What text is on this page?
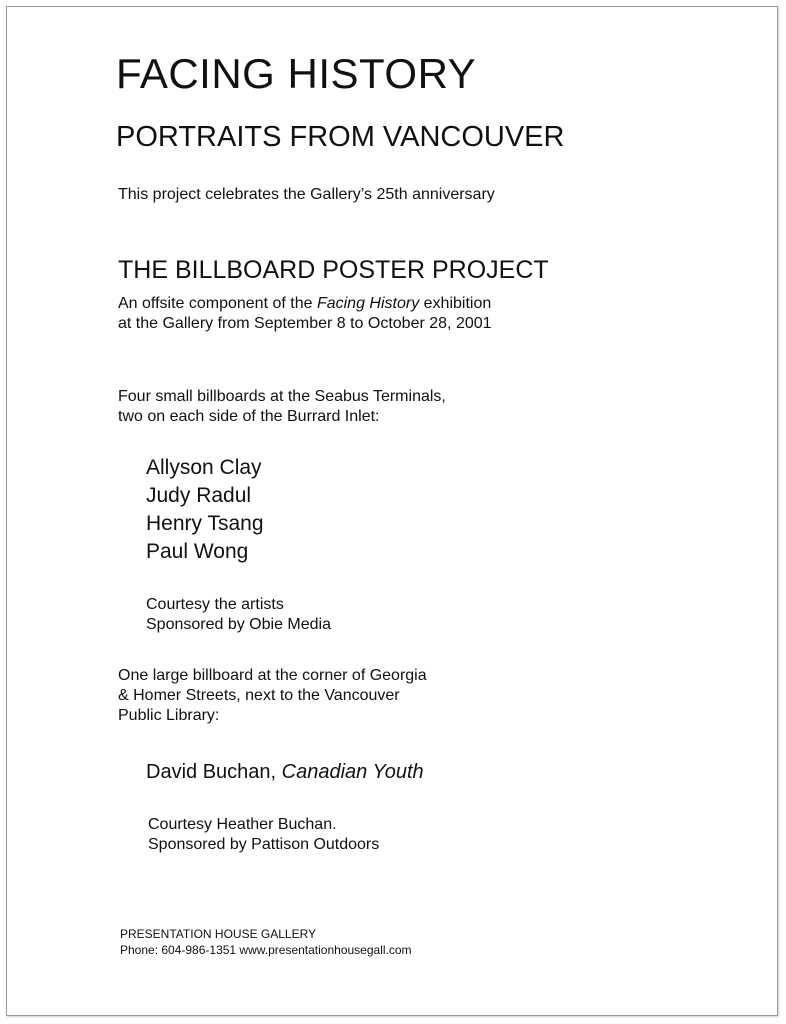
FACING HISTORY
PORTRAITS FROM VANCOUVER

This project celebrates the Gallery’s 25th anniversary

THE BILLBOARD POSTER PROJECT
An offsite component of the Facing History exhibition
at the Gallery from September 8 to October 28, 2001
Four small billboards at the Seabus Terminals,
two on each side of the Burrard Inlet:
Allyson Clay
Judy Radul
Henry Tsang
Paul Wong
Courtesy the artists
Sponsored by Obie Media
One large billboard at the corner of Georgia
& Homer Streets, next to the Vancouver
Public Library:
David Buchan, Canadian Youth
Courtesy Heather Buchan.
Sponsored by Pattison Outdoors
PRESENTATION HOUSE GALLERY
Phone: 604-986-1351 www.presentationhousegall.com
